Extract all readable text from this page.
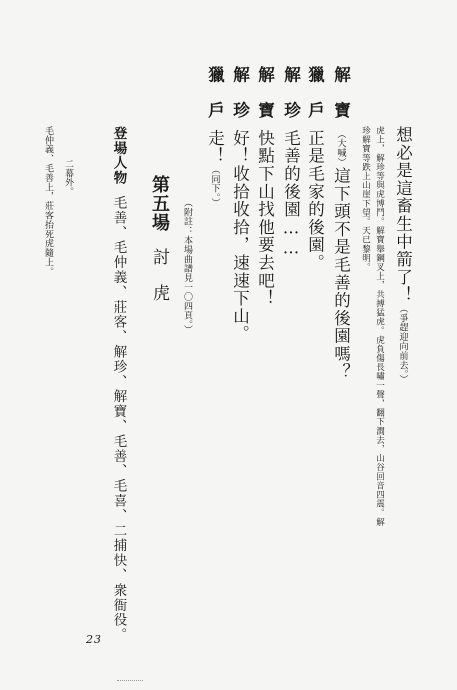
想必是這畜生中箭了！（爭趕迎向前去。）
虎上，解珍等與虎博鬥。解寶舉鋼叉上，共搏猛虎。虎負傷長嘯一聲，翻下澗去，山谷回音四震。解
珍解寶等跌上山崖下望。天已黎明。
解　寶（大喊）這下頭不是毛善的後園嗎？
獵　戶正是毛家的後園。
解　珍毛善的後園……
解　寶快點下山找他要去吧！
解　珍好！收拾收拾，速速下山。
獵　戶走！（同下。）
（附註：本場曲譜見一〇四頁。）
第五場討　虎
登場人物毛善、毛仲義、莊客、解珍、解寶、毛善、毛喜、二捕快、衆衙役。
二幕外。
毛仲義、毛善上，莊客抬死虎隨上。
23
